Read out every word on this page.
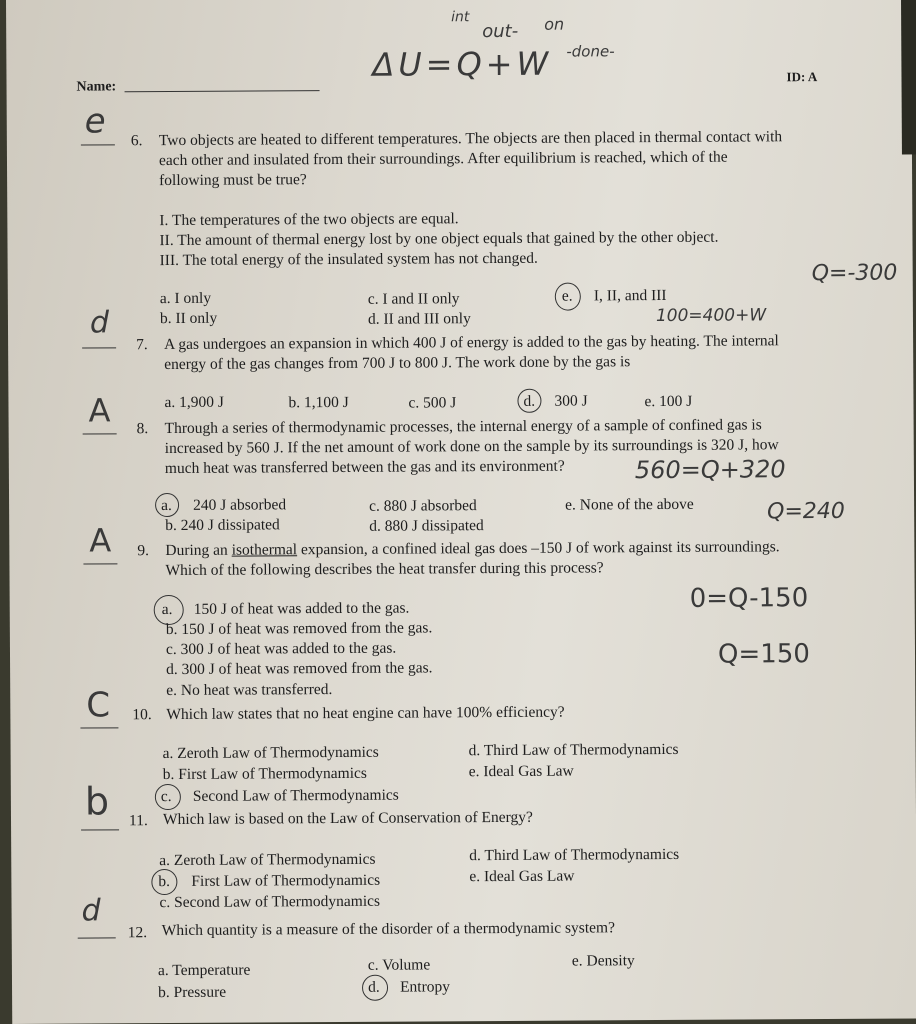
int
out- on
ΔU=Q+W -done-
Name:
ID: A
e 6. Two objects are heated to different temperatures. The objects are then placed in thermal contact with
each other and insulated from their surroundings. After equilibrium is reached, which of the
following must be true?
I. The temperatures of the two objects are equal.
II. The amount of thermal energy lost by one object equals that gained by the other object.
III. The total energy of the insulated system has not changed.
a. I only
b. II only
c. I and II only
d. II and III only
e. I, II, and III
Q=-300
d
7. A gas undergoes an expansion in which 400 J of energy is added to the gas by heating. The internal
energy of the gas changes from 700 J to 800 J. The work done by the gas is
100=400+W
a. 1,900 J	b. 1,100 J	c. 500 J	d. 300 J	e. 100 J
A 8. Through a series of thermodynamic processes, the internal energy of a sample of confined gas is
increased by 560 J. If the net amount of work done on the sample by its surroundings is 320 J, how
much heat was transferred between the gas and its environment?	560=Q+320
a. 240 J absorbed
b. 240 J dissipated
c. 880 J absorbed
d. 880 J dissipated
e. None of the above	Q=240
A 9. During an isothermal expansion, a confined ideal gas does –150 J of work against its surroundings.
Which of the following describes the heat transfer during this process?
a. 150 J of heat was added to the gas.
b. 150 J of heat was removed from the gas.
c. 300 J of heat was added to the gas.
d. 300 J of heat was removed from the gas.
e. No heat was transferred.
0=Q-150
Q=150
C 10. Which law states that no heat engine can have 100% efficiency?
a. Zeroth Law of Thermodynamics
b. First Law of Thermodynamics
c. Second Law of Thermodynamics
d. Third Law of Thermodynamics
e. Ideal Gas Law
b 11. Which law is based on the Law of Conservation of Energy?
a. Zeroth Law of Thermodynamics
b. First Law of Thermodynamics
c. Second Law of Thermodynamics
d. Third Law of Thermodynamics
e. Ideal Gas Law
d
12. Which quantity is a measure of the disorder of a thermodynamic system?
a. Temperature
b. Pressure
c. Volume
d. Entropy
e. Density
